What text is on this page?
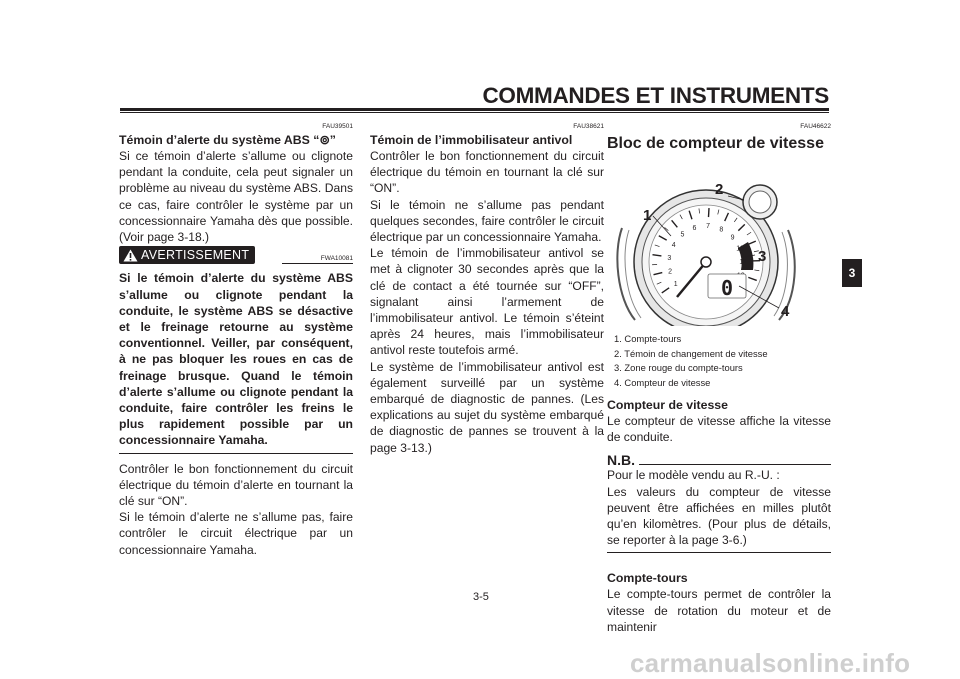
COMMANDES ET INSTRUMENTS
FAU39501
Témoin d’alerte du système ABS “⊚”
Si ce témoin d’alerte s’allume ou clignote pendant la conduite, cela peut signaler un problème au niveau du système ABS. Dans ce cas, faire contrôler le système par un concessionnaire Yamaha dès que possible. (Voir page 3-18.)
AVERTISSEMENT	FWA10081
Si le témoin d’alerte du système ABS s’allume ou clignote pendant la conduite, le système ABS se désactive et le freinage retourne au système conventionnel. Veiller, par conséquent, à ne pas bloquer les roues en cas de freinage brusque. Quand le témoin d’alerte s’allume ou clignote pendant la conduite, faire contrôler les freins le plus rapidement possible par un concessionnaire Yamaha.
Contrôler le bon fonctionnement du circuit électrique du témoin d’alerte en tournant la clé sur “ON”.
Si le témoin d’alerte ne s’allume pas, faire contrôler le circuit électrique par un concessionnaire Yamaha.
FAU38621
Témoin de l’immobilisateur antivol
Contrôler le bon fonctionnement du circuit électrique du témoin en tournant la clé sur “ON”.
Si le témoin ne s’allume pas pendant quelques secondes, faire contrôler le circuit électrique par un concessionnaire Yamaha.
Le témoin de l’immobilisateur antivol se met à clignoter 30 secondes après que la clé de contact a été tournée sur “OFF”, signalant ainsi l’armement de l’immobilisateur antivol. Le témoin s’éteint après 24 heures, mais l’immobilisateur antivol reste toutefois armé.
Le système de l’immobilisateur antivol est également surveillé par un système embarqué de diagnostic de pannes. (Les explications au sujet du système embarqué de diagnostic de pannes se trouvent à la page 3-13.)
FAU46622
Bloc de compteur de vitesse
1
2
3
4
5
6 7 8
9
10
11
0
1
2
3
4
1. Compte-tours
2. Témoin de changement de vitesse
3. Zone rouge du compte-tours
4. Compteur de vitesse
Compteur de vitesse
Le compteur de vitesse affiche la vitesse de conduite.
N.B.
Pour le modèle vendu au R.-U. :
Les valeurs du compteur de vitesse peuvent être affichées en milles plutôt qu’en kilomètres. (Pour plus de détails, se reporter à la page 3-6.)
Compte-tours
Le compte-tours permet de contrôler la vitesse de rotation du moteur et de maintenir
3-5
3
carmanualsonline.info
